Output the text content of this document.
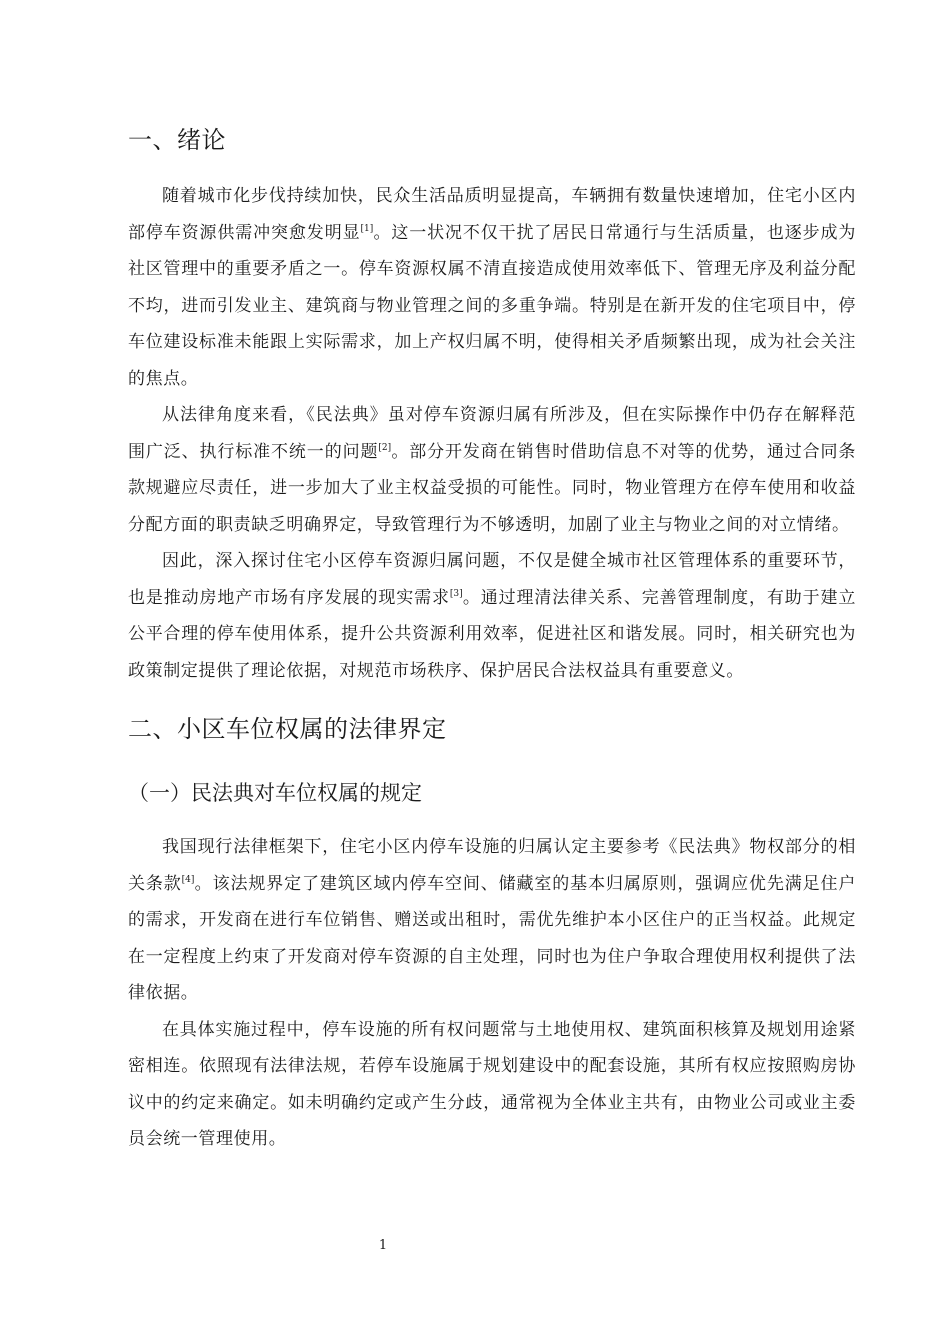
一、绪论

随着城市化步伐持续加快，民众生活品质明显提高，车辆拥有数量快速增加，住宅小区内部停车资源供需冲突愈发明显[1]。这一状况不仅干扰了居民日常通行与生活质量，也逐步成为社区管理中的重要矛盾之一。停车资源权属不清直接造成使用效率低下、管理无序及利益分配不均，进而引发业主、建筑商与物业管理之间的多重争端。特别是在新开发的住宅项目中，停车位建设标准未能跟上实际需求，加上产权归属不明，使得相关矛盾频繁出现，成为社会关注的焦点。

从法律角度来看，《民法典》虽对停车资源归属有所涉及，但在实际操作中仍存在解释范围广泛、执行标准不统一的问题[2]。部分开发商在销售时借助信息不对等的优势，通过合同条款规避应尽责任，进一步加大了业主权益受损的可能性。同时，物业管理方在停车使用和收益分配方面的职责缺乏明确界定，导致管理行为不够透明，加剧了业主与物业之间的对立情绪。

因此，深入探讨住宅小区停车资源归属问题，不仅是健全城市社区管理体系的重要环节，也是推动房地产市场有序发展的现实需求[3]。通过理清法律关系、完善管理制度，有助于建立公平合理的停车使用体系，提升公共资源利用效率，促进社区和谐发展。同时，相关研究也为政策制定提供了理论依据，对规范市场秩序、保护居民合法权益具有重要意义。

二、小区车位权属的法律界定
（一）民法典对车位权属的规定

我国现行法律框架下，住宅小区内停车设施的归属认定主要参考《民法典》物权部分的相关条款[4]。该法规界定了建筑区域内停车空间、储藏室的基本归属原则，强调应优先满足住户的需求，开发商在进行车位销售、赠送或出租时，需优先维护本小区住户的正当权益。此规定在一定程度上约束了开发商对停车资源的自主处理，同时也为住户争取合理使用权利提供了法律依据。

在具体实施过程中，停车设施的所有权问题常与土地使用权、建筑面积核算及规划用途紧密相连。依照现有法律法规，若停车设施属于规划建设中的配套设施，其所有权应按照购房协议中的约定来确定。如未明确约定或产生分歧，通常视为全体业主共有，由物业公司或业主委员会统一管理使用。

1
